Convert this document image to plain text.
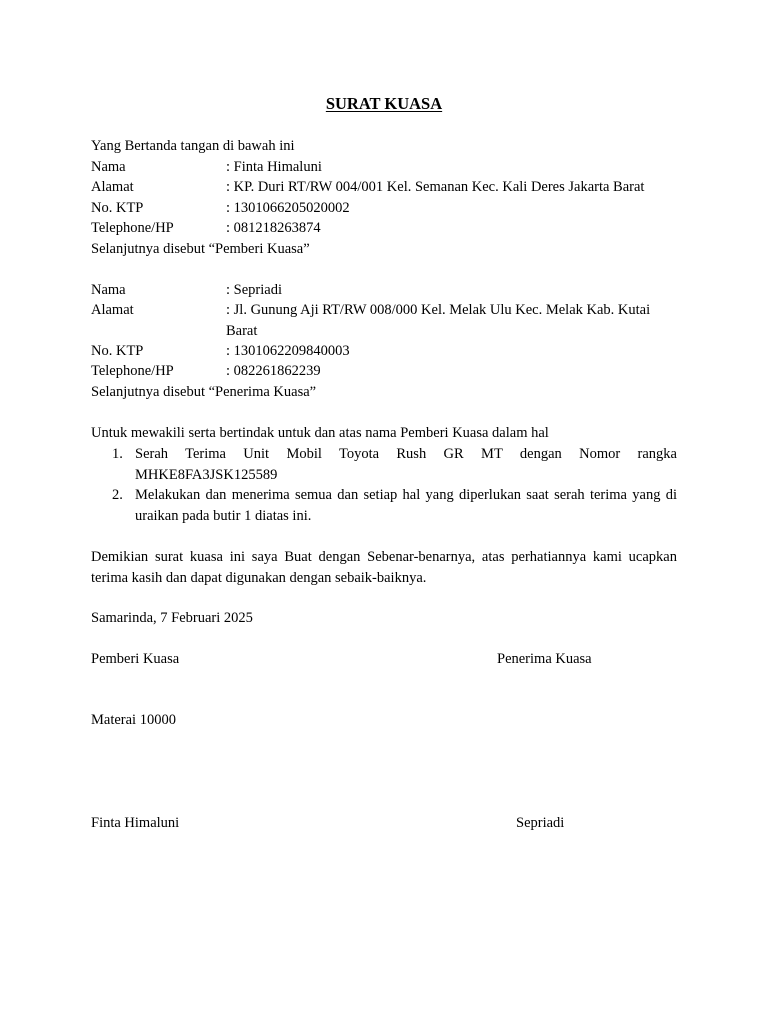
SURAT KUASA
Yang Bertanda tangan di bawah ini
Nama	: Finta Himaluni
Alamat	: KP. Duri RT/RW 004/001 Kel. Semanan Kec. Kali Deres Jakarta Barat
No. KTP	: 1301066205020002
Telephone/HP	: 081218263874
Selanjutnya disebut “Pemberi Kuasa”
Nama	: Sepriadi
Alamat	: Jl. Gunung Aji RT/RW 008/000 Kel. Melak Ulu Kec. Melak Kab. Kutai Barat
No. KTP	: 1301062209840003
Telephone/HP	: 082261862239
Selanjutnya disebut “Penerima Kuasa”
Untuk mewakili serta bertindak untuk dan atas nama Pemberi Kuasa dalam hal
1. Serah Terima Unit Mobil Toyota Rush GR MT dengan Nomor rangka MHKE8FA3JSK125589
2. Melakukan dan menerima semua dan setiap hal yang diperlukan saat serah terima yang di uraikan pada butir 1 diatas ini.
Demikian surat kuasa ini saya Buat dengan Sebenar-benarnya, atas perhatiannya kami ucapkan terima kasih dan dapat digunakan dengan sebaik-baiknya.
Samarinda, 7 Februari 2025
Pemberi Kuasa	Penerima Kuasa
Materai 10000
Finta Himaluni	Sepriadi
